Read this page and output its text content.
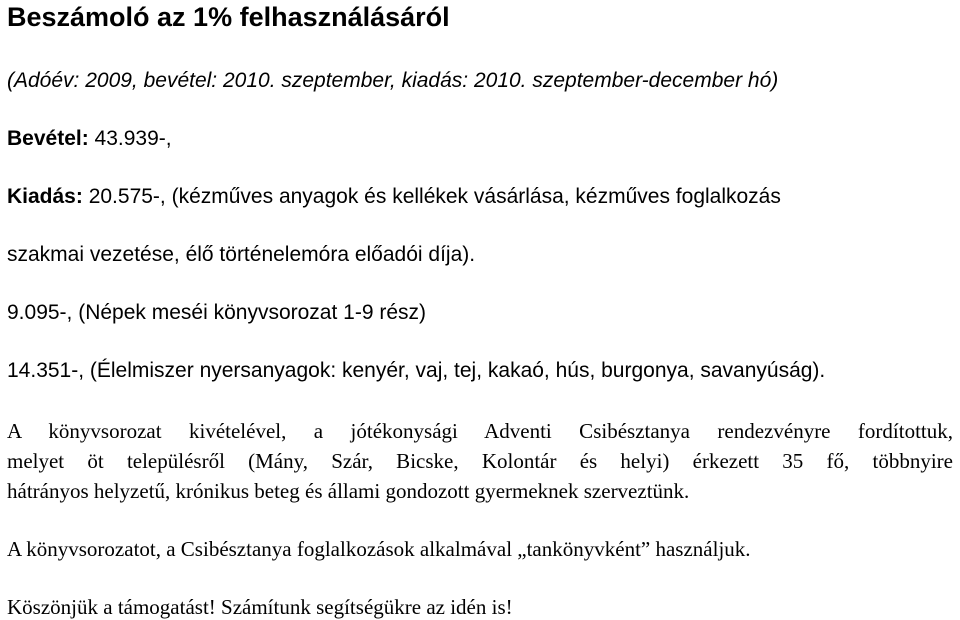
Beszámoló az 1% felhasználásáról
(Adóév: 2009, bevétel: 2010. szeptember, kiadás: 2010. szeptember-december hó)
Bevétel: 43.939-,
Kiadás: 20.575-, (kézműves anyagok és kellékek vásárlása, kézműves foglalkozás
szakmai vezetése, élő történelemóra előadói díja).
9.095-, (Népek meséi könyvsorozat 1-9 rész)
14.351-, (Élelmiszer nyersanyagok: kenyér, vaj, tej, kakaó, hús, burgonya, savanyúság).
A könyvsorozat kivételével, a jótékonysági Adventi Csibésztanya rendezvényre fordítottuk,
melyet öt településről (Mány, Szár, Bicske, Kolontár és helyi) érkezett 35 fő, többnyire
hátrányos helyzetű, krónikus beteg és állami gondozott gyermeknek szerveztünk.
A könyvsorozatot, a Csibésztanya foglalkozások alkalmával „tankönyvként” használjuk.
Köszönjük a támogatást! Számítunk segítségükre az idén is!
